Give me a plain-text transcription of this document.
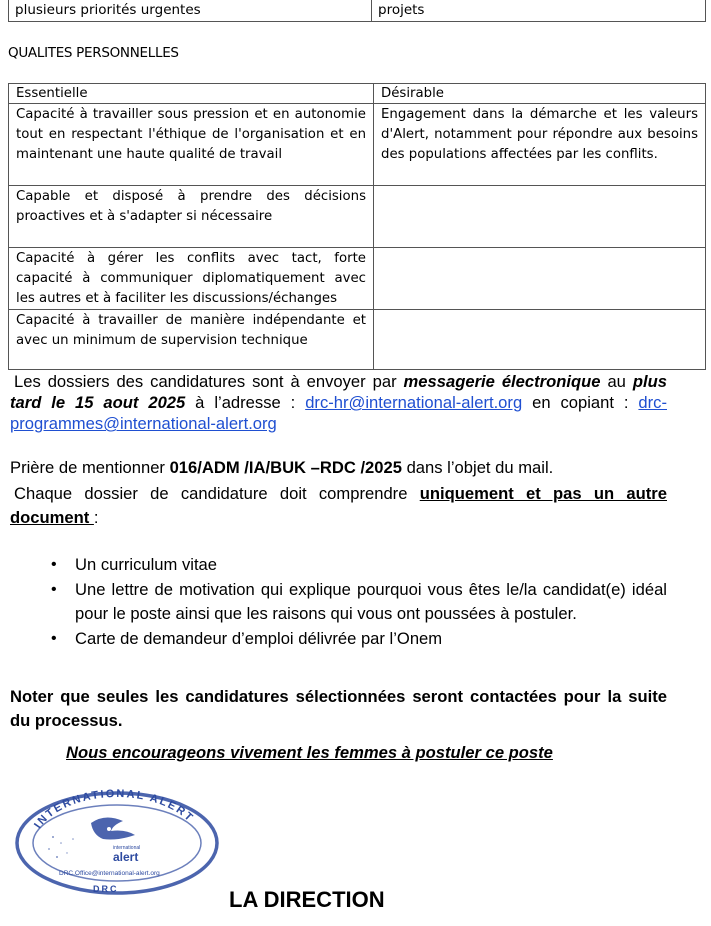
plusieurs priorités urgentes	projets
QUALITES PERSONNELLES
Essentielle	Désirable
Capacité à travailler sous pression et en autonomie tout en respectant l'éthique de l'organisation et en maintenant une haute qualité de travail	Engagement dans la démarche et les valeurs d'Alert, notamment pour répondre aux besoins des populations affectées par les conflits.
Capable et disposé à prendre des décisions proactives et à s'adapter si nécessaire	
Capacité à gérer les conflits avec tact, forte capacité à communiquer diplomatiquement avec les autres et à faciliter les discussions/échanges	
Capacité à travailler de manière indépendante et avec un minimum de supervision technique	
Les dossiers des candidatures sont à envoyer par messagerie électronique au plus tard le 15 aout 2025 à l’adresse : drc-hr@international-alert.org en copiant : drc-programmes@international-alert.org
Prière de mentionner 016/ADM /IA/BUK –RDC /2025 dans l’objet du mail.
Chaque dossier de candidature doit comprendre uniquement et pas un autre document :
• Un curriculum vitae
• Une lettre de motivation qui explique pourquoi vous êtes le/la candidat(e) idéal pour le poste ainsi que les raisons qui vous ont poussées à postuler.
• Carte de demandeur d’emploi délivrée par l’Onem
Noter que seules les candidatures sélectionnées seront contactées pour la suite du processus.
Nous encourageons vivement les femmes à postuler ce poste
INTERNATIONAL ALERT
international
alert
DRC.Office@international-alert.org
DRC	LA DIRECTION
